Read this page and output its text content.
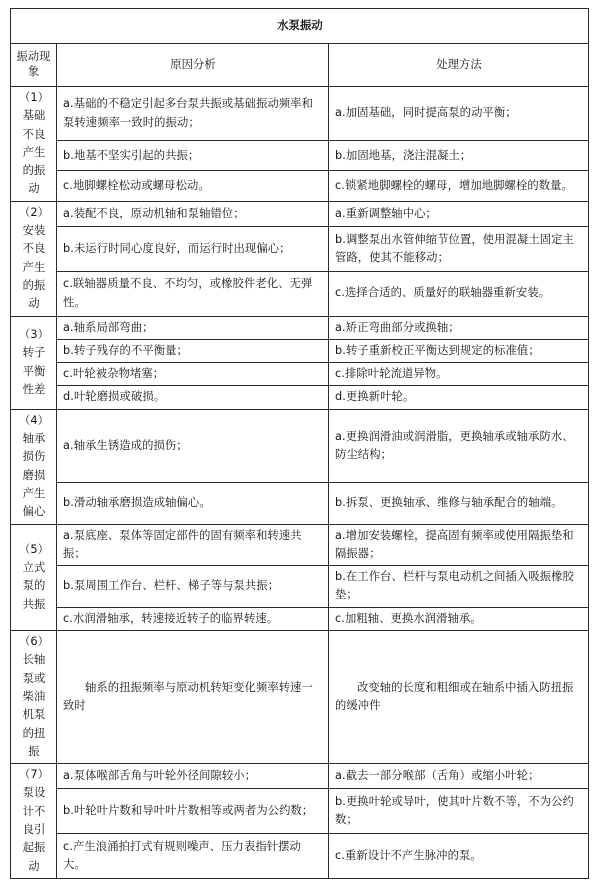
水泵振动		
振动现象	原因分析	处理方法
（1）基础不良产生的振动	a.基础的不稳定引起多台泵共振或基础振动频率和泵转速频率一致时的振动；	a.加固基础，同时提高泵的动平衡；
	b.地基不坚实引起的共振；	b.加固地基，浇注混凝土；
	c.地脚螺栓松动或螺母松动。	c.锁紧地脚螺栓的螺母，增加地脚螺栓的数量。
（2）安装不良产生的振动	a.装配不良，原动机轴和泵轴错位；	a.重新调整轴中心；
	b.未运行时同心度良好，而运行时出现偏心；	b.调整泵出水管伸缩节位置，使用混凝土固定主管路，使其不能移动；
	c.联轴器质量不良、不均匀，或橡胶件老化、无弹性。	c.选择合适的、质量好的联轴器重新安装。
（3）转子平衡性差	a.轴系局部弯曲；	a.矫正弯曲部分或换轴；
	b.转子残存的不平衡量；	b.转子重新校正平衡达到规定的标准值；
	c.叶轮被杂物堵塞；	c.排除叶轮流道异物。
	d.叶轮磨损或破损。	d.更换新叶轮。
（4）轴承损伤磨损产生偏心	a.轴承生锈造成的损伤；	a.更换润滑油或润滑脂，更换轴承或轴承防水、防尘结构；
	b.滑动轴承磨损造成轴偏心。	b.拆泵、更换轴承、维修与轴承配合的轴端。
（5）立式泵的共振	a.泵底座、泵体等固定部件的固有频率和转速共振；	a.增加安装螺栓，提高固有频率或使用隔振垫和隔振器；
	b.泵周围工作台、栏杆、梯子等与泵共振；	b.在工作台、栏杆与泵电动机之间插入吸振橡胶垫；
	c.水润滑轴承，转速接近转子的临界转速。	c.加粗轴、更换水润滑轴承。
（6）长轴泵或柴油机泵的扭振	轴系的扭振频率与原动机转矩变化频率转速一致时	改变轴的长度和粗细或在轴系中插入防扭振的缓冲件
（7）泵设计不良引起振动	a.泵体喉部舌角与叶轮外径间隙较小；	a.截去一部分喉部（舌角）或缩小叶轮；
	b.叶轮叶片数和导叶叶片数相等或两者为公约数；	b.更换叶轮或导叶，使其叶片数不等，不为公约数；
	c.产生浪涌拍打式有规则噪声、压力表指针摆动大。	c.重新设计不产生脉冲的泵。
